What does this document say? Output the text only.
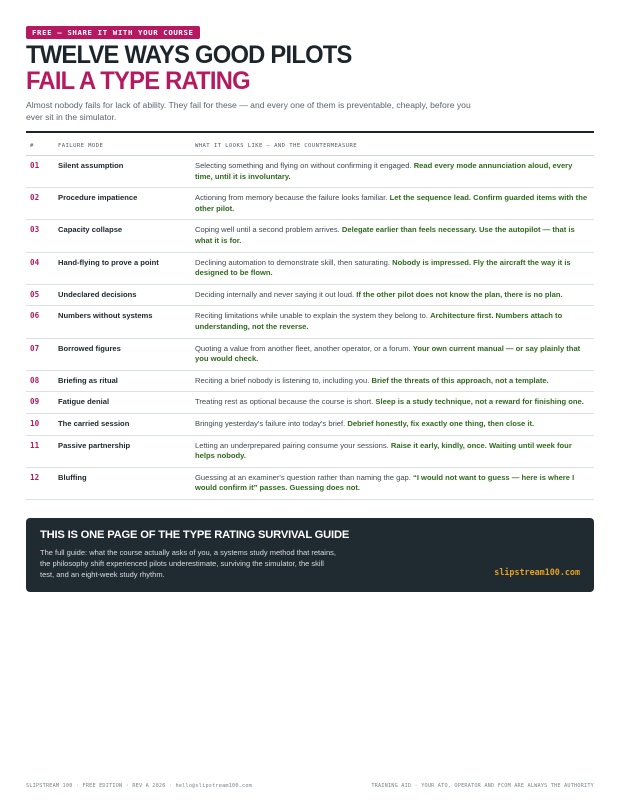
FREE — SHARE IT WITH YOUR COURSE
TWELVE WAYS GOOD PILOTS
FAIL A TYPE RATING

Almost nobody fails for lack of ability. They fail for these — and every one of them is preventable, cheaply, before you ever sit in the simulator.

#	FAILURE MODE	WHAT IT LOOKS LIKE — AND THE COUNTERMEASURE
01	Silent assumption	Selecting something and flying on without confirming it engaged. Read every mode annunciation aloud, every time, until it is involuntary.
02	Procedure impatience	Actioning from memory because the failure looks familiar. Let the sequence lead. Confirm guarded items with the other pilot.
03	Capacity collapse	Coping well until a second problem arrives. Delegate earlier than feels necessary. Use the autopilot — that is what it is for.
04	Hand-flying to prove a point	Declining automation to demonstrate skill, then saturating. Nobody is impressed. Fly the aircraft the way it is designed to be flown.
05	Undeclared decisions	Deciding internally and never saying it out loud. If the other pilot does not know the plan, there is no plan.
06	Numbers without systems	Reciting limitations while unable to explain the system they belong to. Architecture first. Numbers attach to understanding, not the reverse.
07	Borrowed figures	Quoting a value from another fleet, another operator, or a forum. Your own current manual — or say plainly that you would check.
08	Briefing as ritual	Reciting a brief nobody is listening to, including you. Brief the threats of this approach, not a template.
09	Fatigue denial	Treating rest as optional because the course is short. Sleep is a study technique, not a reward for finishing one.
10	The carried session	Bringing yesterday's failure into today's brief. Debrief honestly, fix exactly one thing, then close it.
11	Passive partnership	Letting an underprepared pairing consume your sessions. Raise it early, kindly, once. Waiting until week four helps nobody.
12	Bluffing	Guessing at an examiner's question rather than naming the gap. “I would not want to guess — here is where I would confirm it” passes. Guessing does not.
THIS IS ONE PAGE OF THE TYPE RATING SURVIVAL GUIDE

The full guide: what the course actually asks of you, a systems study method that retains, the philosophy shift experienced pilots underestimate, surviving the simulator, the skill test, and an eight-week study rhythm.	slipstream100.com
SLIPSTREAM 100 · FREE EDITION · REV A 2026 · hello@slipstream100.com	TRAINING AID · YOUR ATO, OPERATOR AND FCOM ARE ALWAYS THE AUTHORITY
